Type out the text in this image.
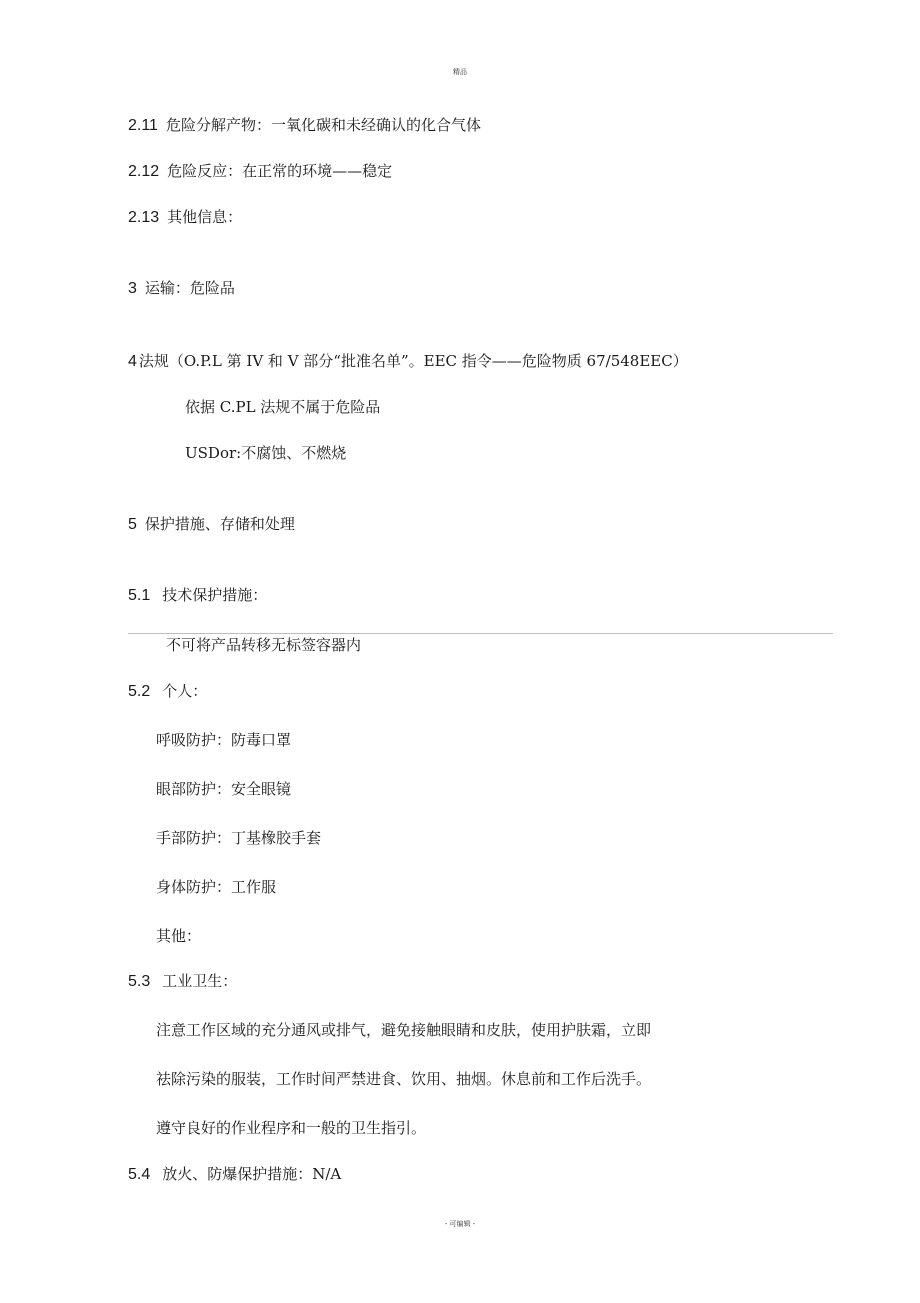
精品
2.11 危险分解产物：一氧化碳和未经确认的化合气体
2.12 危险反应：在正常的环境——稳定
2.13 其他信息：
3 运输：危险品
4 法规（O.P.L 第 IV 和 V 部分“批准名单”。EEC 指令——危险物质 67/548EEC）
依据 C.PL 法规不属于危险品
USDor:不腐蚀、不燃烧
5 保护措施、存储和处理
5.1 技术保护措施：
不可将产品转移无标签容器内
5.2 个人：
呼吸防护：防毒口罩
眼部防护：安全眼镜
手部防护：丁基橡胶手套
身体防护：工作服
其他：
5.3 工业卫生：
注意工作区域的充分通风或排气，避免接触眼睛和皮肤，使用护肤霜，立即
祛除污染的服装，工作时间严禁进食、饮用、抽烟。休息前和工作后洗手。
遵守良好的作业程序和一般的卫生指引。
5.4 放火、防爆保护措施：N/A
- 可编辑 -
